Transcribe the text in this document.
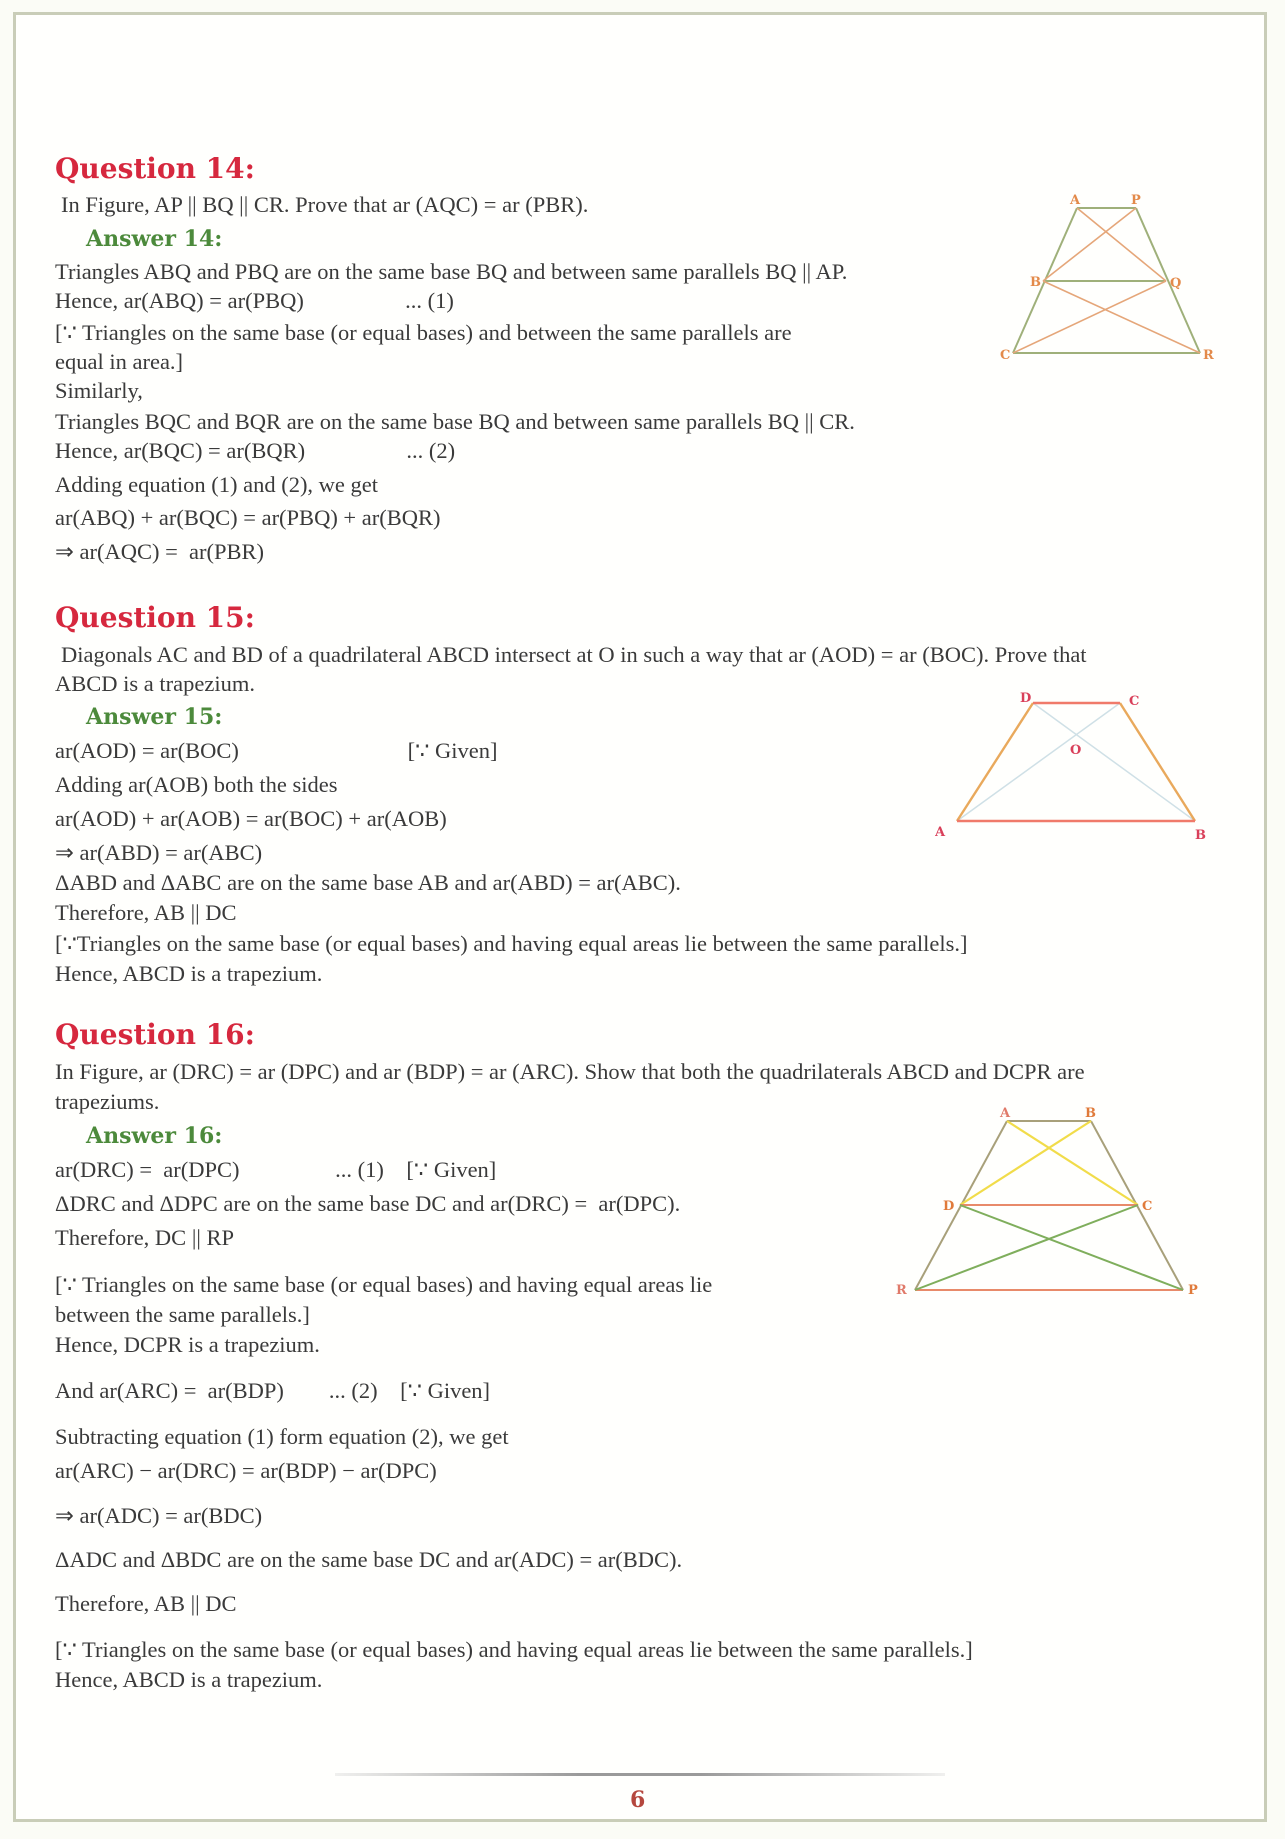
Question 14:
In Figure, AP || BQ || CR. Prove that ar (AQC) = ar (PBR).
Answer 14:
Triangles ABQ and PBQ are on the same base BQ and between same parallels BQ || AP.
Hence, ar(ABQ) = ar(PBQ)                  ... (1)
[∵ Triangles on the same base (or equal bases) and between the same parallels are
equal in area.]
Similarly,
Triangles BQC and BQR are on the same base BQ and between same parallels BQ || CR.
Hence, ar(BQC) = ar(BQR)                  ... (2)
Adding equation (1) and (2), we get
ar(ABQ) + ar(BQC) = ar(PBQ) + ar(BQR)
⇒ ar(AQC) =  ar(PBR)
A	P
B	Q
C	R
Question 15:
Diagonals AC and BD of a quadrilateral ABCD intersect at O in such a way that ar (AOD) = ar (BOC). Prove that
ABCD is a trapezium.
Answer 15:
ar(AOD) = ar(BOC)                              [∵ Given]
Adding ar(AOB) both the sides
ar(AOD) + ar(AOB) = ar(BOC) + ar(AOB)
⇒ ar(ABD) = ar(ABC)
ΔABD and ΔABC are on the same base AB and ar(ABD) = ar(ABC).
Therefore, AB || DC
[∵Triangles on the same base (or equal bases) and having equal areas lie between the same parallels.]
Hence, ABCD is a trapezium.
D	C
O
A	B
Question 16:
In Figure, ar (DRC) = ar (DPC) and ar (BDP) = ar (ARC). Show that both the quadrilaterals ABCD and DCPR are
trapeziums.
Answer 16:
ar(DRC) =  ar(DPC)                 ... (1)    [∵ Given]
ΔDRC and ΔDPC are on the same base DC and ar(DRC) =  ar(DPC).
Therefore, DC || RP
[∵ Triangles on the same base (or equal bases) and having equal areas lie
between the same parallels.]
Hence, DCPR is a trapezium.
And ar(ARC) =  ar(BDP)        ... (2)    [∵ Given]
Subtracting equation (1) form equation (2), we get
ar(ARC) − ar(DRC) = ar(BDP) − ar(DPC)
⇒ ar(ADC) = ar(BDC)
ΔADC and ΔBDC are on the same base DC and ar(ADC) = ar(BDC).
Therefore, AB || DC
[∵ Triangles on the same base (or equal bases) and having equal areas lie between the same parallels.]
Hence, ABCD is a trapezium.
A	B
D	C
R	P
6
